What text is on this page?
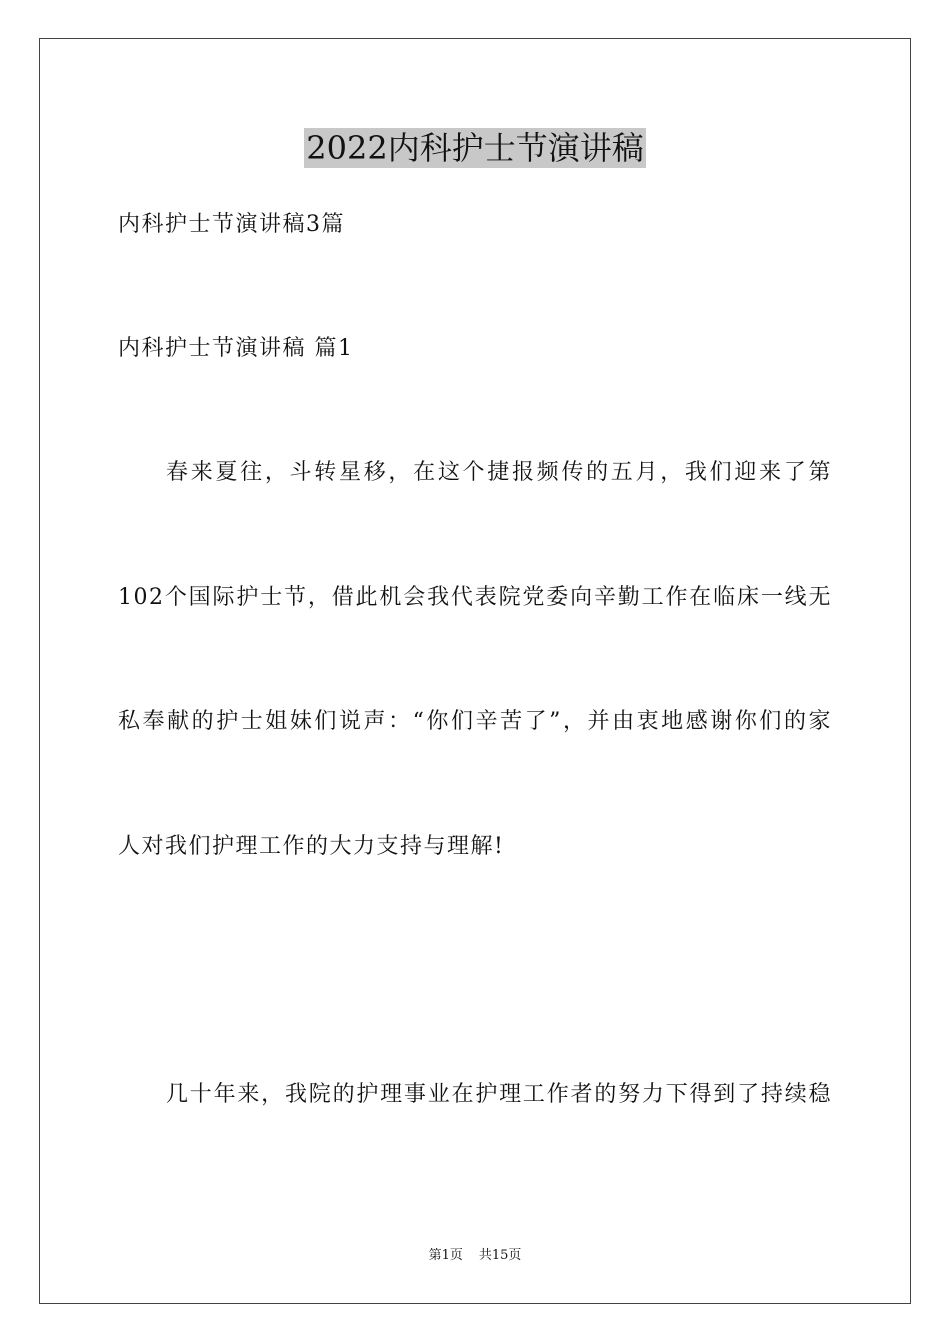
2022内科护士节演讲稿
内科护士节演讲稿3篇
内科护士节演讲稿 篇1
春来夏往，斗转星移，在这个捷报频传的五月，我们迎来了第
102个国际护士节，借此机会我代表院党委向辛勤工作在临床一线无
私奉献的护士姐妹们说声：“你们辛苦了”，并由衷地感谢你们的家
人对我们护理工作的大力支持与理解!
几十年来，我院的护理事业在护理工作者的努力下得到了持续稳
第1页 共15页
